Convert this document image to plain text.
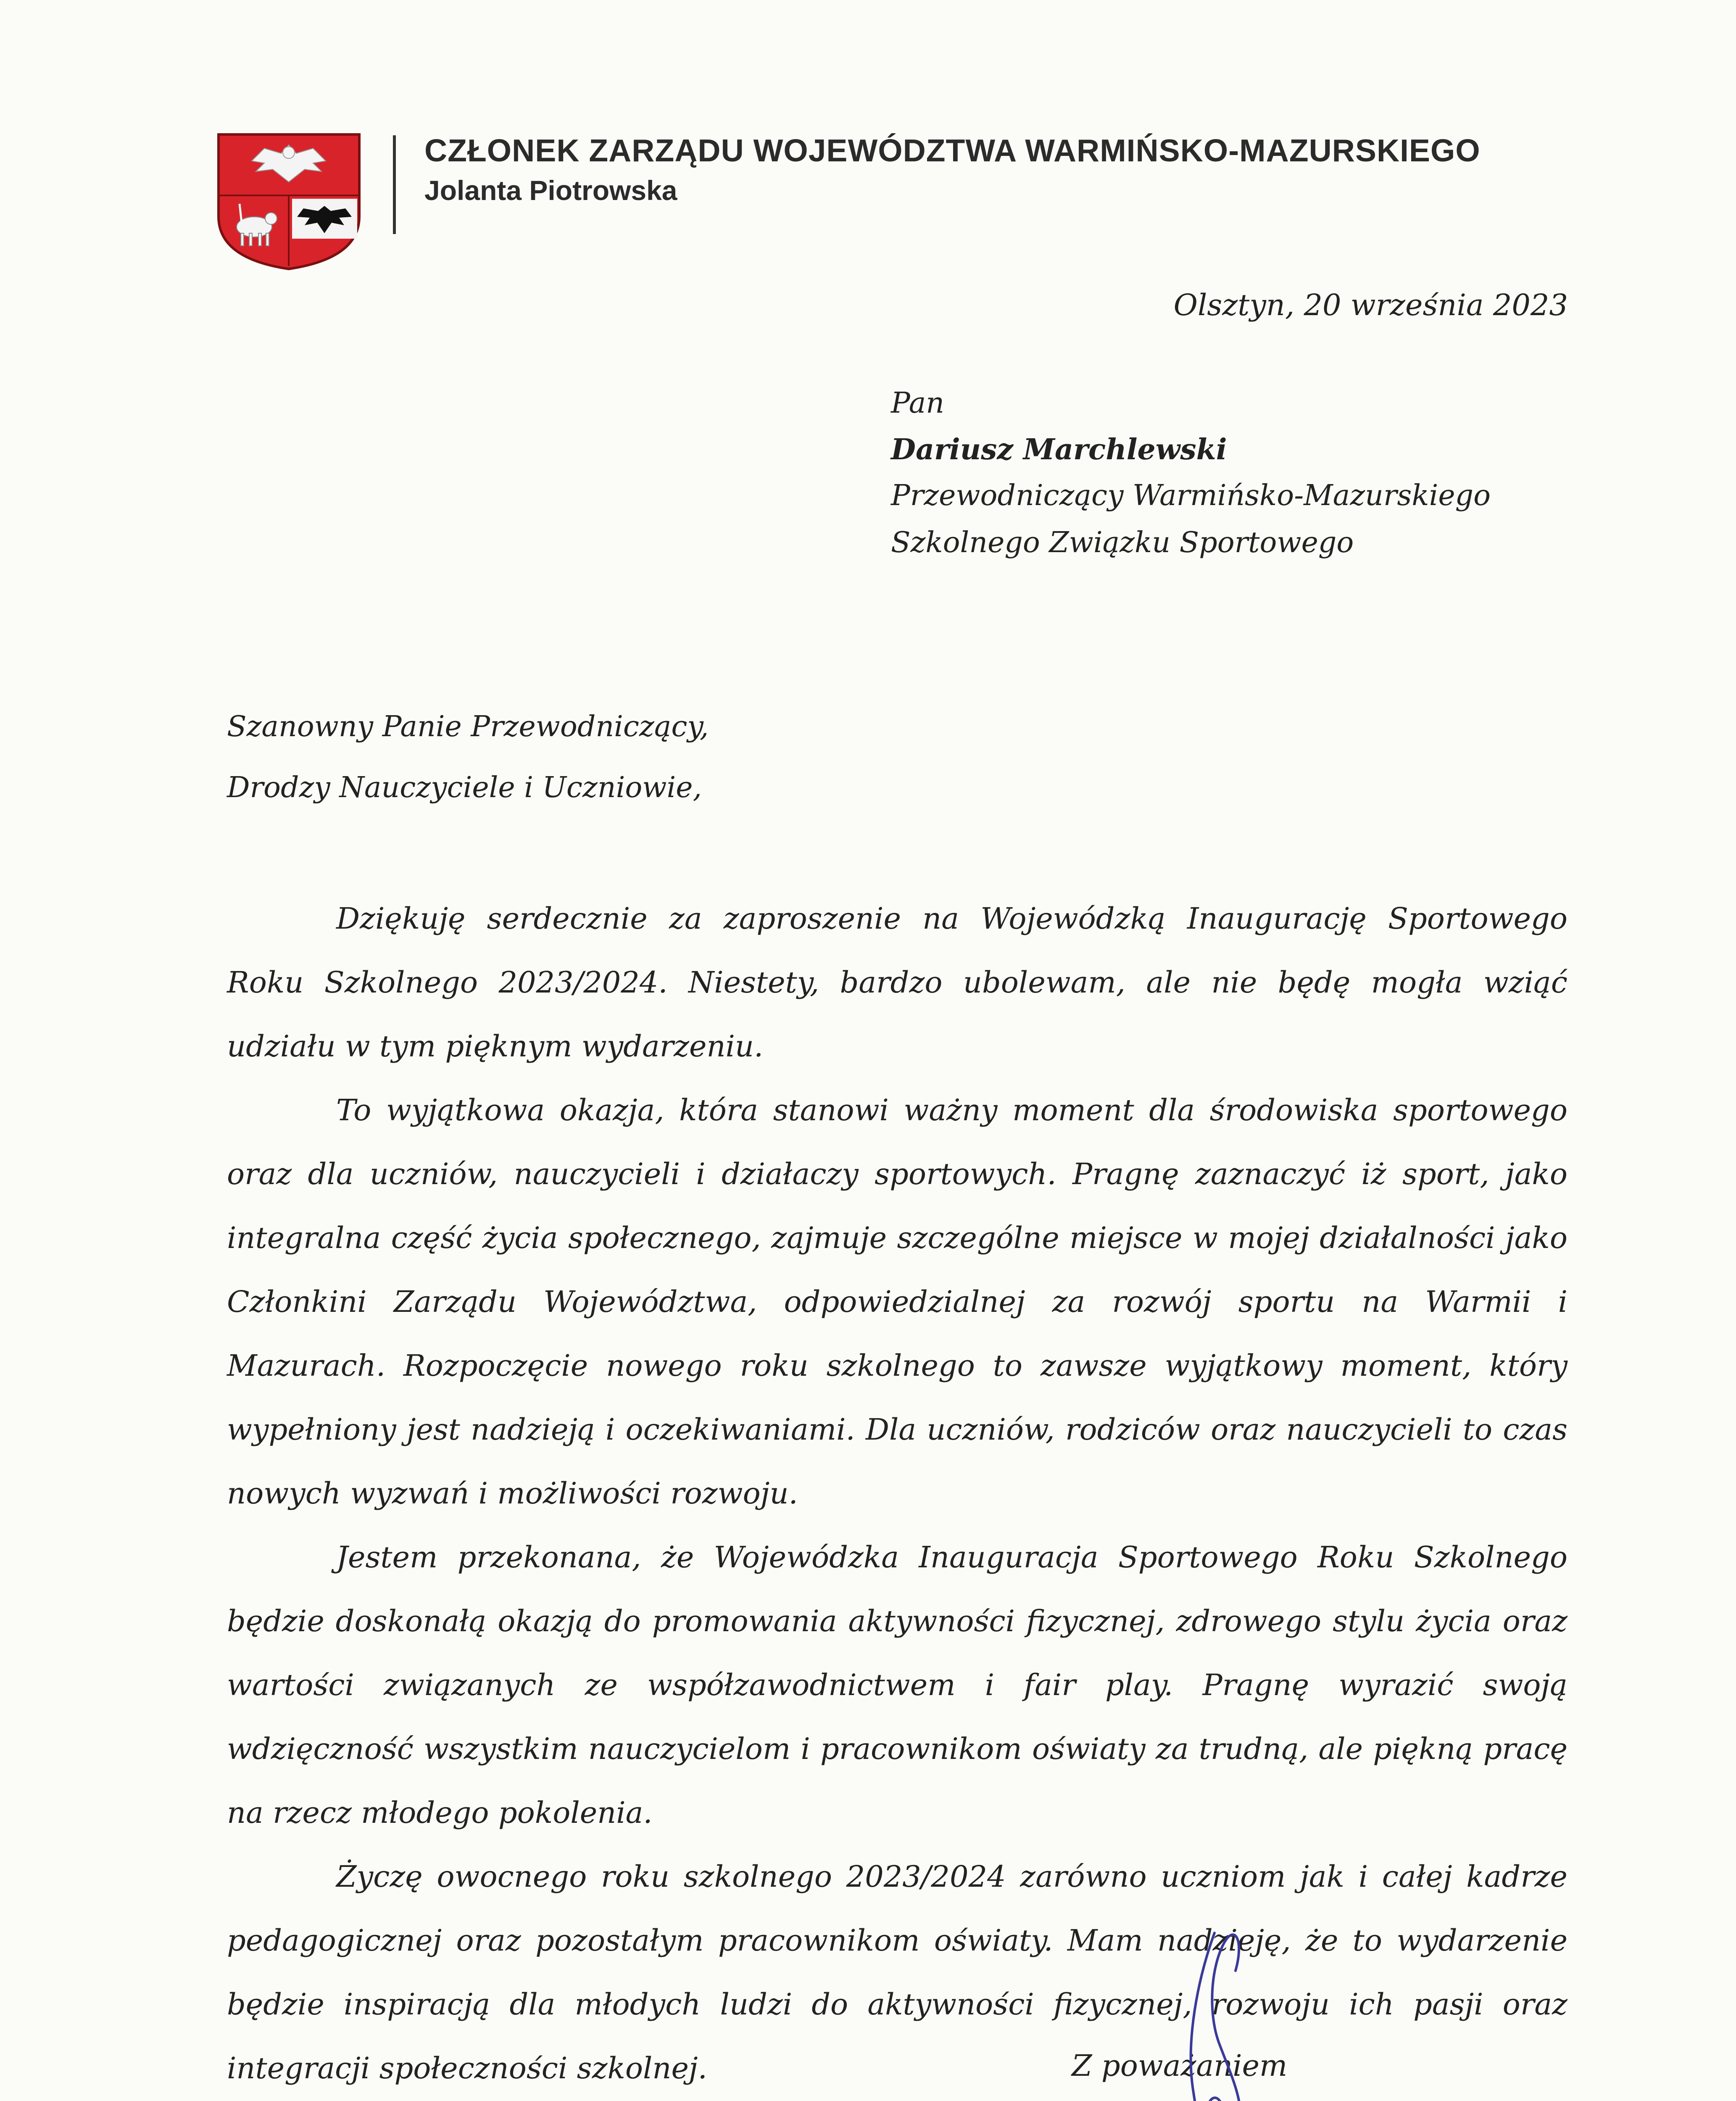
CZŁONEK ZARZĄDU WOJEWÓDZTWA WARMIŃSKO-MAZURSKIEGO
Jolanta Piotrowska
Olsztyn, 20 września 2023
Pan
Dariusz Marchlewski
Przewodniczący Warmińsko-Mazurskiego
Szkolnego Związku Sportowego
Szanowny Panie Przewodniczący,
Drodzy Nauczyciele i Uczniowie,

Dziękuję serdecznie za zaproszenie na Wojewódzką Inaugurację Sportowego Roku Szkolnego 2023/2024. Niestety, bardzo ubolewam, ale nie będę mogła wziąć udziału w tym pięknym wydarzeniu.

To wyjątkowa okazja, która stanowi ważny moment dla środowiska sportowego oraz dla uczniów, nauczycieli i działaczy sportowych. Pragnę zaznaczyć iż sport, jako integralna część życia społecznego, zajmuje szczególne miejsce w mojej działalności jako Członkini Zarządu Województwa, odpowiedzialnej za rozwój sportu na Warmii i Mazurach. Rozpoczęcie nowego roku szkolnego to zawsze wyjątkowy moment, który wypełniony jest nadzieją i oczekiwaniami. Dla uczniów, rodziców oraz nauczycieli to czas nowych wyzwań i możliwości rozwoju.

Jestem przekonana, że Wojewódzka Inauguracja Sportowego Roku Szkolnego będzie doskonałą okazją do promowania aktywności fizycznej, zdrowego stylu życia oraz wartości związanych ze współzawodnictwem i fair play. Pragnę wyrazić swoją wdzięczność wszystkim nauczycielom i pracownikom oświaty za trudną, ale piękną pracę na rzecz młodego pokolenia.

Życzę owocnego roku szkolnego 2023/2024 zarówno uczniom jak i całej kadrze pedagogicznej oraz pozostałym pracownikom oświaty. Mam nadzieję, że to wydarzenie będzie inspiracją dla młodych ludzi do aktywności fizycznej, rozwoju ich pasji oraz integracji społeczności szkolnej.	Z poważaniem
